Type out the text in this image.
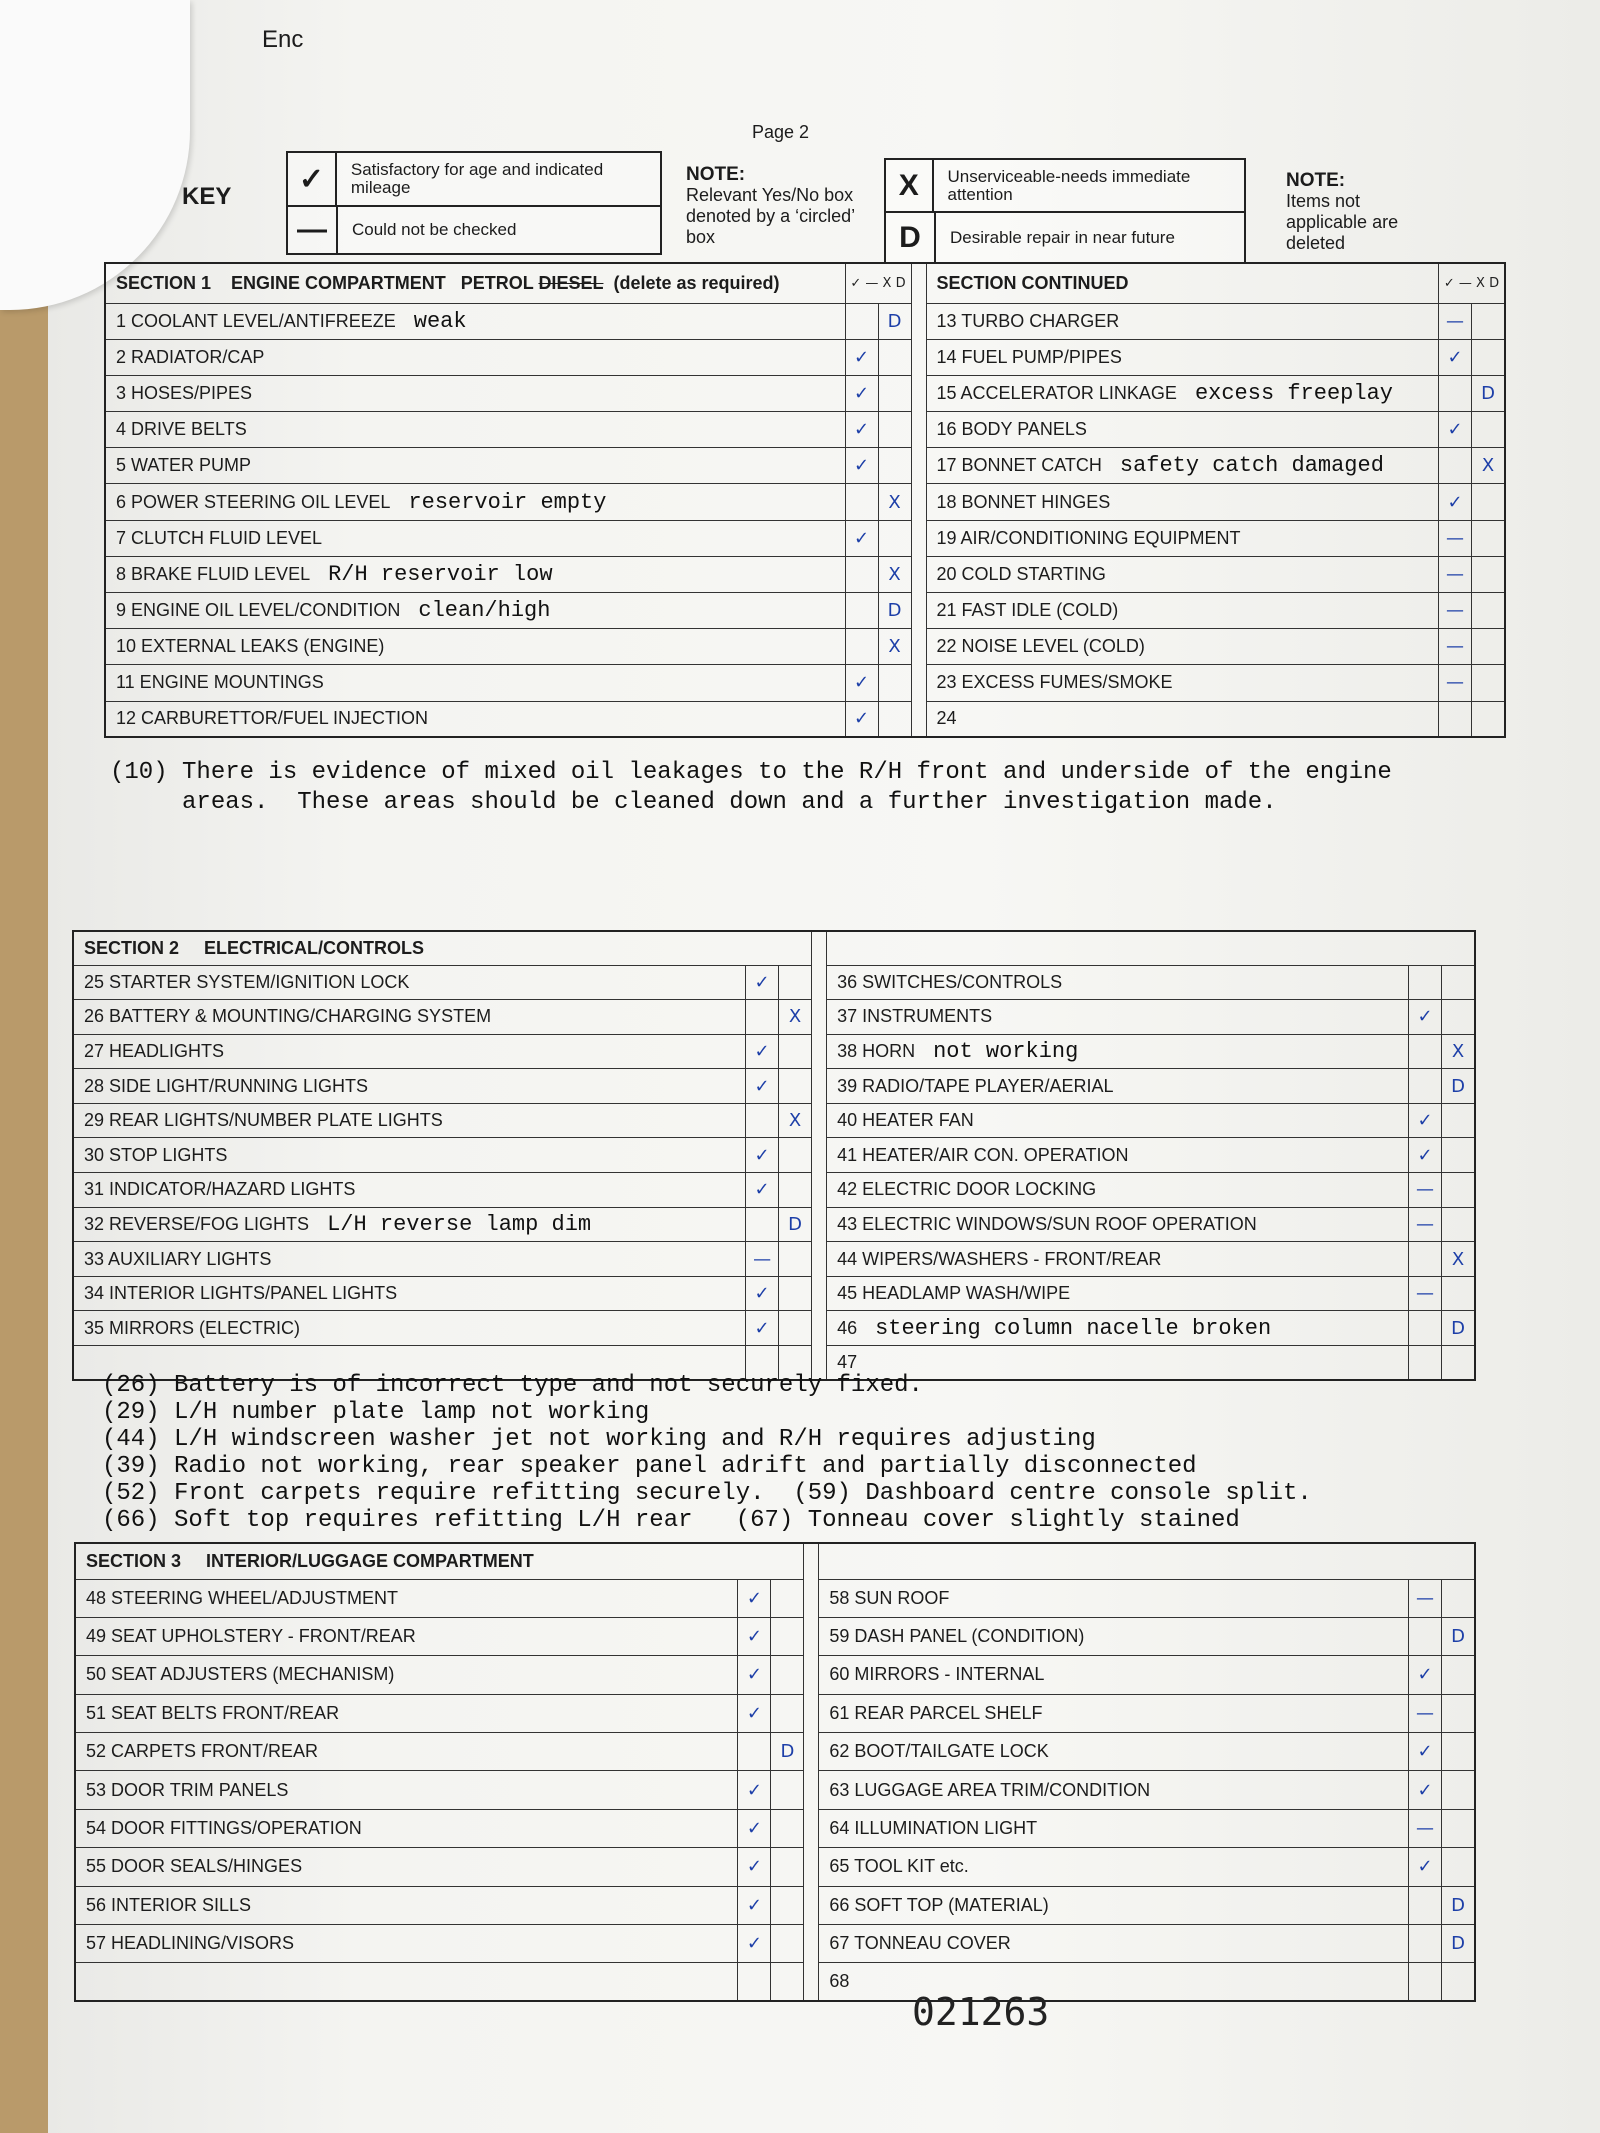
Enc
Page 2
KEY
✓	Satisfactory for age and indicated mileage
—	Could not be checked
NOTE:
Relevant Yes/No box denoted by a ‘circled’ box
X	Unserviceable-needs immediate attention
D	Desirable repair in near future
NOTE:
Items not applicable are deleted
SECTION 1 ENGINE COMPARTMENT PETROL DIESEL (delete as required)	✓ — X D			SECTION CONTINUED	✓ — X D	
1 COOLANT LEVEL/ANTIFREEZE weak		D		13 TURBO CHARGER	—	
2 RADIATOR/CAP	✓			14 FUEL PUMP/PIPES	✓	
3 HOSES/PIPES	✓			15 ACCELERATOR LINKAGE excess freeplay		D
4 DRIVE BELTS	✓			16 BODY PANELS	✓	
5 WATER PUMP	✓			17 BONNET CATCH safety catch damaged		X
6 POWER STEERING OIL LEVEL reservoir empty		X		18 BONNET HINGES	✓	
7 CLUTCH FLUID LEVEL	✓			19 AIR/CONDITIONING EQUIPMENT	—	
8 BRAKE FLUID LEVEL R/H reservoir low		X		20 COLD STARTING	—	
9 ENGINE OIL LEVEL/CONDITION clean/high		D		21 FAST IDLE (COLD)	—	
10 EXTERNAL LEAKS (ENGINE)		X		22 NOISE LEVEL (COLD)	—	
11 ENGINE MOUNTINGS	✓			23 EXCESS FUMES/SMOKE	—	
12 CARBURETTOR/FUEL INJECTION	✓			24		
(10) There is evidence of mixed oil leakages to the R/H front and underside of the engine
areas.  These areas should be cleaned down and a further investigation made.
SECTION 2 ELECTRICAL/CONTROLS						
25 STARTER SYSTEM/IGNITION LOCK	✓			36 SWITCHES/CONTROLS		
26 BATTERY & MOUNTING/CHARGING SYSTEM		X		37 INSTRUMENTS	✓	
27 HEADLIGHTS	✓			38 HORN not working		X
28 SIDE LIGHT/RUNNING LIGHTS	✓			39 RADIO/TAPE PLAYER/AERIAL		D
29 REAR LIGHTS/NUMBER PLATE LIGHTS		X		40 HEATER FAN	✓	
30 STOP LIGHTS	✓			41 HEATER/AIR CON. OPERATION	✓	
31 INDICATOR/HAZARD LIGHTS	✓			42 ELECTRIC DOOR LOCKING	—	
32 REVERSE/FOG LIGHTS L/H reverse lamp dim		D		43 ELECTRIC WINDOWS/SUN ROOF OPERATION	—	
33 AUXILIARY LIGHTS	—			44 WIPERS/WASHERS - FRONT/REAR		X
34 INTERIOR LIGHTS/PANEL LIGHTS	✓			45 HEADLAMP WASH/WIPE	—	
35 MIRRORS (ELECTRIC)	✓			46 steering column nacelle broken		D
				47		
(26) Battery is of incorrect type and not securely fixed.
(29) L/H number plate lamp not working
(44) L/H windscreen washer jet not working and R/H requires adjusting
(39) Radio not working, rear speaker panel adrift and partially disconnected
(52) Front carpets require refitting securely.  (59) Dashboard centre console split.
(66) Soft top requires refitting L/H rear   (67) Tonneau cover slightly stained
SECTION 3 INTERIOR/LUGGAGE COMPARTMENT						
48 STEERING WHEEL/ADJUSTMENT	✓			58 SUN ROOF	—	
49 SEAT UPHOLSTERY - FRONT/REAR	✓			59 DASH PANEL (CONDITION)		D
50 SEAT ADJUSTERS (MECHANISM)	✓			60 MIRRORS - INTERNAL	✓	
51 SEAT BELTS FRONT/REAR	✓			61 REAR PARCEL SHELF	—	
52 CARPETS FRONT/REAR		D		62 BOOT/TAILGATE LOCK	✓	
53 DOOR TRIM PANELS	✓			63 LUGGAGE AREA TRIM/CONDITION	✓	
54 DOOR FITTINGS/OPERATION	✓			64 ILLUMINATION LIGHT	—	
55 DOOR SEALS/HINGES	✓			65 TOOL KIT etc.	✓	
56 INTERIOR SILLS	✓			66 SOFT TOP (MATERIAL)		D
57 HEADLINING/VISORS	✓			67 TONNEAU COVER		D
				68		
021263
